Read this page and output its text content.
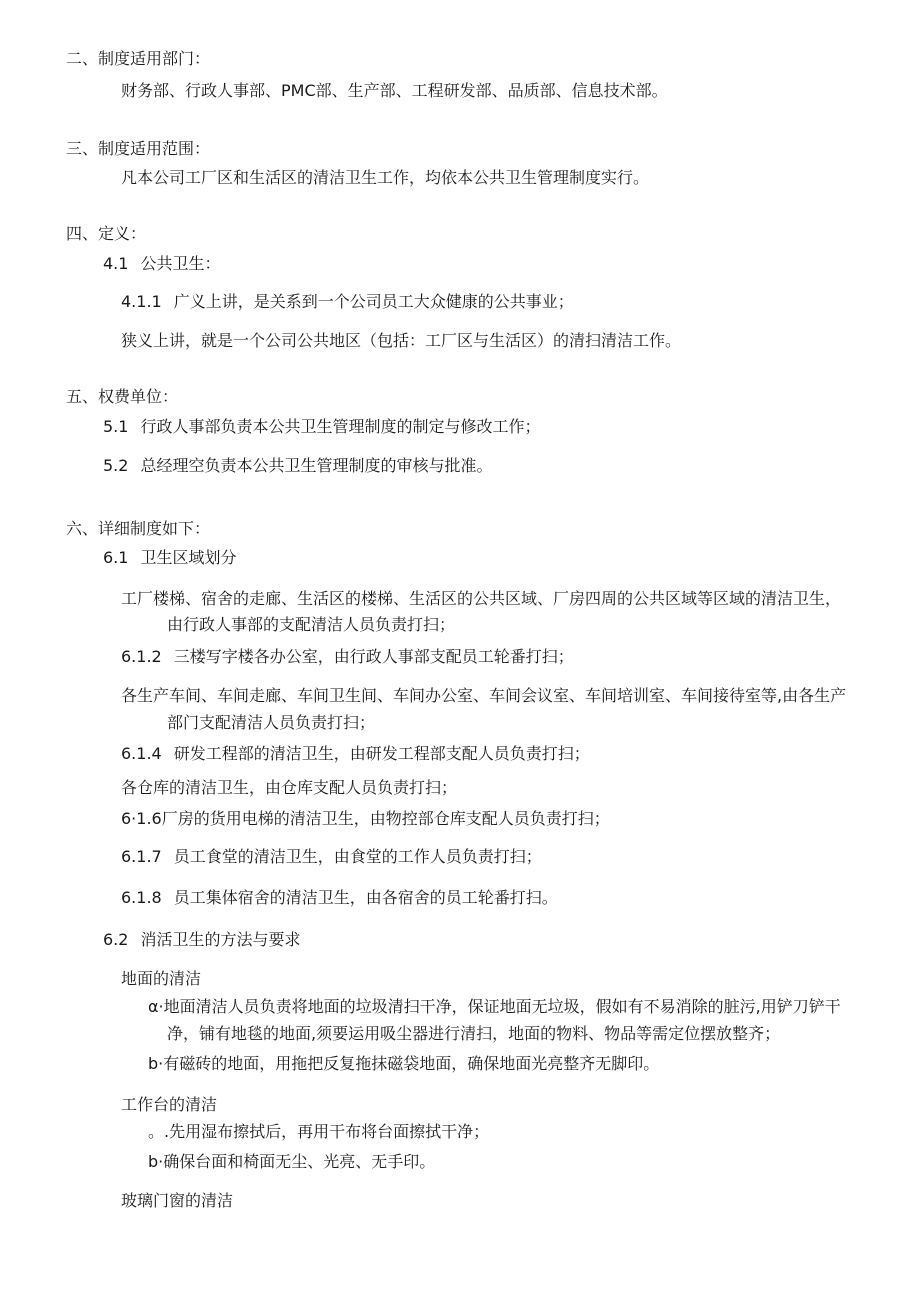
二、制度适用部门：
财务部、行政人事部、PMC部、生产部、工程研发部、品质部、信息技术部。
三、制度适用范围：
凡本公司工厂区和生活区的清洁卫生工作，均依本公共卫生管理制度实行。
四、定义：
4.1 公共卫生：
4.1.1 广义上讲，是关系到一个公司员工大众健康的公共事业；
狭义上讲，就是一个公司公共地区（包括：工厂区与生活区）的清扫清洁工作。
五、权费单位：
5.1 行政人事部负责本公共卫生管理制度的制定与修改工作；
5.2 总经理空负责本公共卫生管理制度的审核与批准。
六、详细制度如下：
6.1 卫生区域划分
工厂楼梯、宿舍的走廊、生活区的楼梯、生活区的公共区域、厂房四周的公共区域等区域的清洁卫生，
由行政人事部的支配清洁人员负责打扫；
6.1.2 三楼写字楼各办公室，由行政人事部支配员工轮番打扫；
各生产车间、车间走廊、车间卫生间、车间办公室、车间会议室、车间培训室、车间接待室等,由各生产
部门支配清洁人员负责打扫；
6.1.4 研发工程部的清洁卫生，由研发工程部支配人员负责打扫；
各仓库的清洁卫生，由仓库支配人员负责打扫；
6·1.6厂房的货用电梯的清洁卫生，由物控部仓库支配人员负责打扫；
6.1.7 员工食堂的清洁卫生，由食堂的工作人员负责打扫；
6.1.8 员工集体宿舍的清洁卫生，由各宿舍的员工轮番打扫。
6.2 消活卫生的方法与要求
地面的清洁
α·地面清洁人员负责将地面的垃圾清扫干净，保证地面无垃圾，假如有不易消除的脏污,用铲刀铲干
净，铺有地毯的地面,须要运用吸尘器进行清扫，地面的物料、物品等需定位摆放整齐；
b·有磁砖的地面，用拖把反复拖抹磁袋地面，确保地面光亮整齐无脚印。
工作台的清洁
。.先用湿布擦拭后，再用干布将台面擦拭干净；
b·确保台面和椅面无尘、光亮、无手印。
玻璃门窗的清洁
